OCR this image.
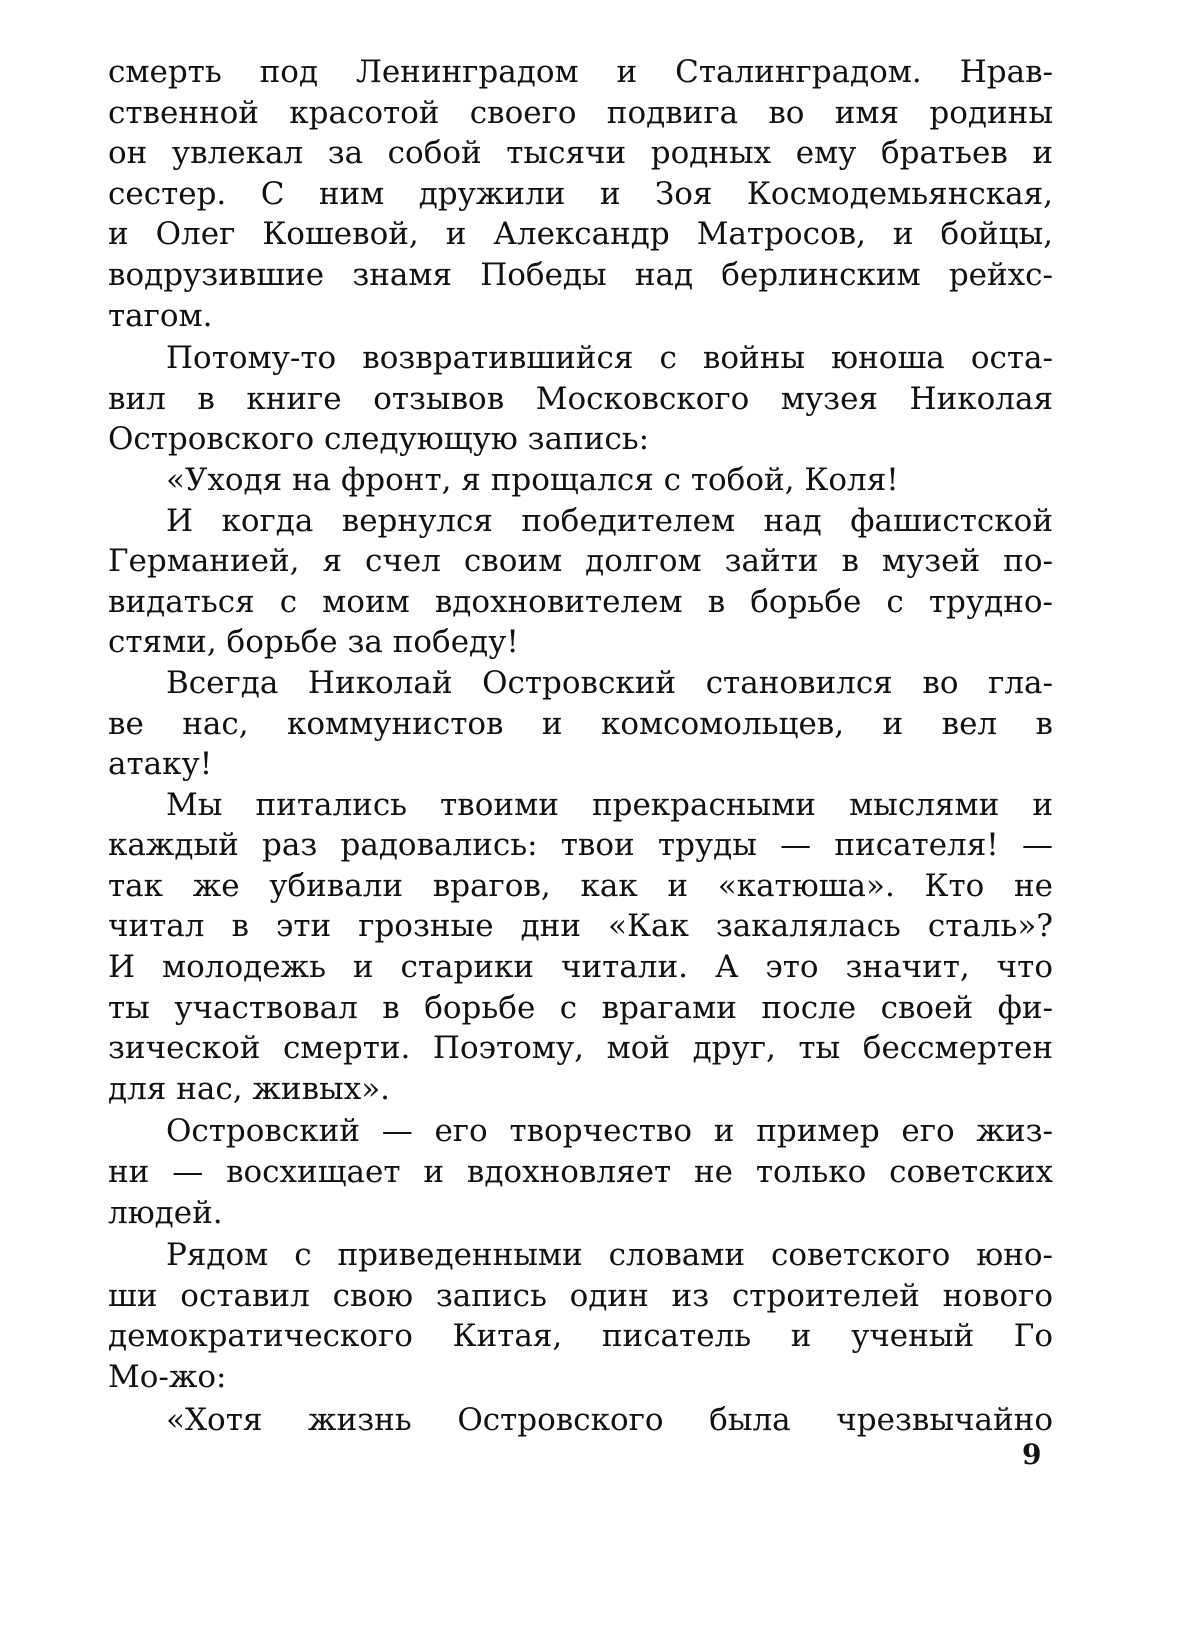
смерть под Ленинградом и Сталинградом. Нрав-
ственной красотой своего подвига во имя родины
он увлекал за собой тысячи родных ему братьев и
сестер. С ним дружили и Зоя Космодемьянская,
и Олег Кошевой, и Александр Матросов, и бойцы,
водрузившие знамя Победы над берлинским рейхс-
тагом.
Потому-то возвратившийся с войны юноша оста-
вил в книге отзывов Московского музея Николая
Островского следующую запись:
«Уходя на фронт, я прощался с тобой, Коля!
И когда вернулся победителем над фашистской
Германией, я счел своим долгом зайти в музей по-
видаться с моим вдохновителем в борьбе с трудно-
стями, борьбе за победу!
Всегда Николай Островский становился во гла-
ве нас, коммунистов и комсомольцев, и вел в
атаку!
Мы питались твоими прекрасными мыслями и
каждый раз радовались: твои труды — писателя! —
так же убивали врагов, как и «катюша». Кто не
читал в эти грозные дни «Как закалялась сталь»?
И молодежь и старики читали. А это значит, что
ты участвовал в борьбе с врагами после своей фи-
зической смерти. Поэтому, мой друг, ты бессмертен
для нас, живых».
Островский — его творчество и пример его жиз-
ни — восхищает и вдохновляет не только советских
людей.
Рядом с приведенными словами советского юно-
ши оставил свою запись один из строителей нового
демократического Китая, писатель и ученый Го
Мо-жо:
«Хотя жизнь Островского была чрезвычайно
9
